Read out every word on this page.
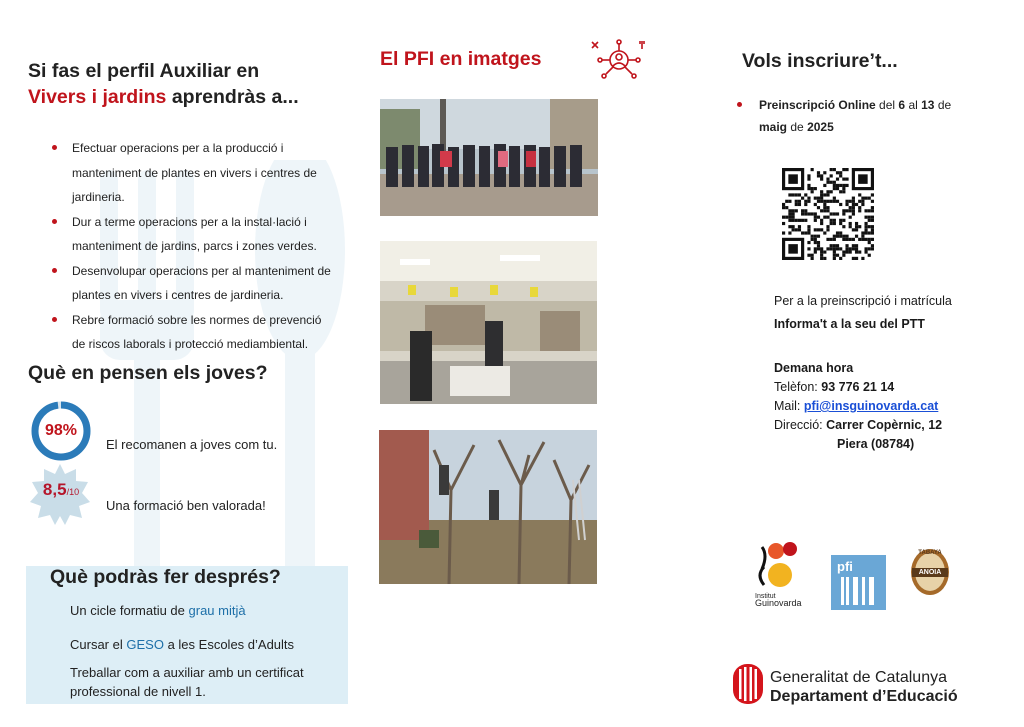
Si fas el perfil Auxiliar en
Vivers i jardins aprendràs a...
Efectuar operacions per a la producció i manteniment de plantes en vivers i centres de jardineria.
Dur a terme operacions per a la instal·lació i manteniment de jardins, parcs i zones verdes.
Desenvolupar operacions per al manteniment de plantes en vivers i centres de jardineria.
Rebre formació sobre les normes de prevenció de riscos laborals i protecció mediambiental.
Què en pensen els joves?
98%
El recomanen a joves com tu.
8,5/10
Una formació ben valorada!
Què podràs fer després?
Un cicle formatiu de grau mitjà
Cursar el GESO a les Escoles d’Adults
Treballar com a auxiliar amb un certificat professional de nivell 1.
El PFI en imatges	Vols inscriure’t...
Preinscripció Online del 6 al 13 de
maig de 2025
Per a la preinscripció i matrícula
Informa't a la seu del PTT
Demana hora
Telèfon: 93 776 21 14
Mail: pfi@insguinovarda.cat
Direcció: Carrer Copèrnic, 12
Piera (08784)
Institut
Guinovarda
pfi
TABAYA
ANOIA
Generalitat de Catalunya
Departament d’Educació
